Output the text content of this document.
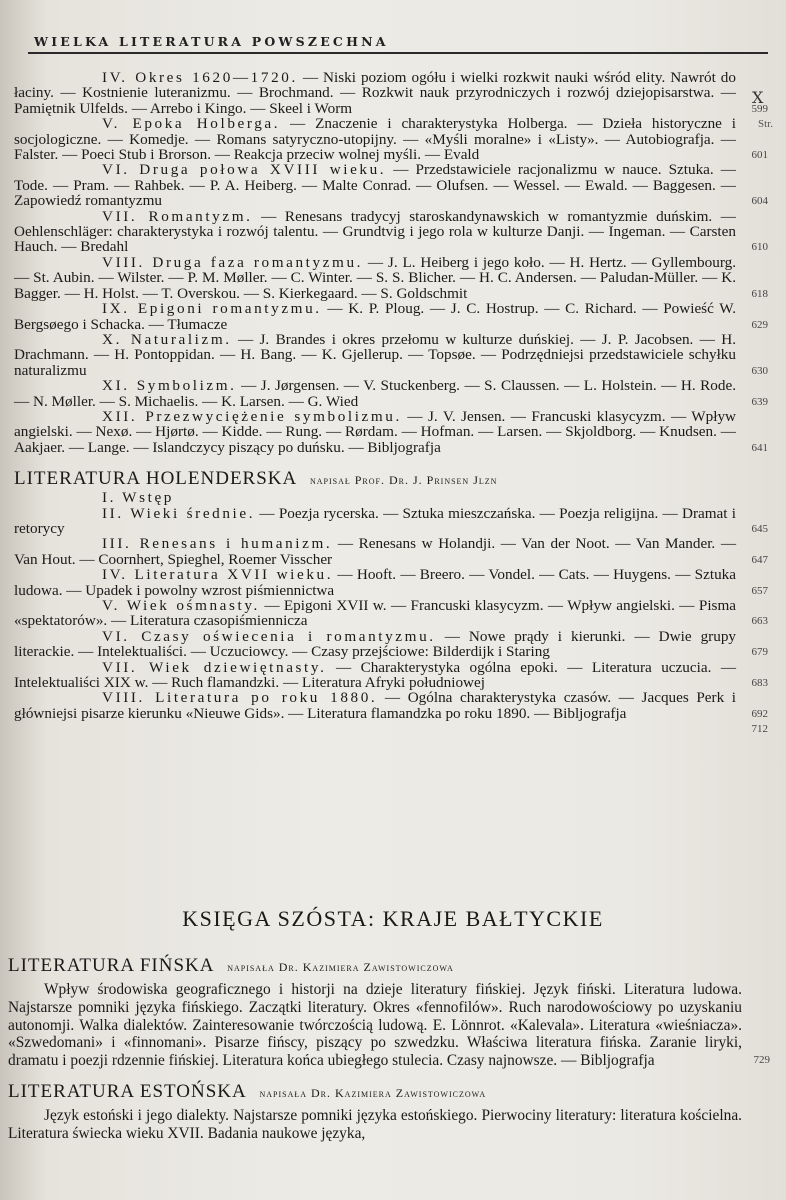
WIELKA LITERATURA POWSZECHNA
X
Str.
IV. Okres 1620—1720. — Niski poziom ogółu i wielki rozkwit nauki wśród elity. Nawrót do łaciny. — Kostnienie luteranizmu. — Brochmand. — Rozkwit nauk przyrodniczych i rozwój dziejopisarstwa. — Pamiętnik Ulfelds. — Arrebo i Kingo. — Skeel i Worm	599
V. Epoka Holberga. — Znaczenie i charakterystyka Holberga. — Dzieła historyczne i socjologiczne. — Komedje. — Romans satyryczno-utopijny. — «Myśli moralne» i «Listy». — Autobiografja. — Falster. — Poeci Stub i Brorson. — Reakcja przeciw wolnej myśli. — Evald	601
VI. Druga połowa XVIII wieku. — Przedstawiciele racjonalizmu w nauce. Sztuka. — Tode. — Pram. — Rahbek. — P. A. Heiberg. — Malte Conrad. — Olufsen. — Wessel. — Ewald. — Baggesen. — Zapowiedź romantyzmu	604
VII. Romantyzm. — Renesans tradycyj staroskandynawskich w romantyzmie duńskim. — Oehlenschläger: charakterystyka i rozwój talentu. — Grundtvig i jego rola w kulturze Danji. — Ingeman. — Carsten Hauch. — Bredahl	610
VIII. Druga faza romantyzmu. — J. L. Heiberg i jego koło. — H. Hertz. — Gyllembourg. — St. Aubin. — Wilster. — P. M. Møller. — C. Winter. — S. S. Blicher. — H. C. Andersen. — Paludan-Müller. — K. Bagger. — H. Holst. — T. Overskou. — S. Kierkegaard. — S. Goldschmit	618
IX. Epigoni romantyzmu. — K. P. Ploug. — J. C. Hostrup. — C. Richard. — Powieść W. Bergsøego i Schacka. — Tłumacze	629
X. Naturalizm. — J. Brandes i okres przełomu w kulturze duńskiej. — J. P. Jacobsen. — H. Drachmann. — H. Pontoppidan. — H. Bang. — K. Gjellerup. — Topsøe. — Podrzędniejsi przedstawiciele schyłku naturalizmu	630
XI. Symbolizm. — J. Jørgensen. — V. Stuckenberg. — S. Claussen. — L. Holstein. — H. Rode. — N. Møller. — S. Michaelis. — K. Larsen. — G. Wied	639
XII. Przezwyciężenie symbolizmu. — J. V. Jensen. — Francuski klasycyzm. — Wpływ angielski. — Nexø. — Hjørtø. — Kidde. — Rung. — Rørdam. — Hofman. — Larsen. — Skjoldborg. — Knudsen. — Aakjaer. — Lange. — Islandczycy piszący po duńsku. — Bibljografja	641
LITERATURA HOLENDERSKA napisał Prof. Dr. J. Prinsen Jlzn
I. Wstęp
II. Wieki średnie. — Poezja rycerska. — Sztuka mieszczańska. — Poezja religijna. — Dramat i retorycy	645
III. Renesans i humanizm. — Renesans w Holandji. — Van der Noot. — Van Mander. — Van Hout. — Coornhert, Spieghel, Roemer Visscher	647
IV. Literatura XVII wieku. — Hooft. — Breero. — Vondel. — Cats. — Huygens. — Sztuka ludowa. — Upadek i powolny wzrost piśmiennictwa	657
V. Wiek ośmnasty. — Epigoni XVII w. — Francuski klasycyzm. — Wpływ angielski. — Pisma «spektatorów». — Literatura czasopiśmiennicza	663
VI. Czasy oświecenia i romantyzmu. — Nowe prądy i kierunki. — Dwie grupy literackie. — Intelektualiści. — Uczuciowcy. — Czasy przejściowe: Bilderdijk i Staring	679
VII. Wiek dziewiętnasty. — Charakterystyka ogólna epoki. — Literatura uczucia. — Intelektualiści XIX w. — Ruch flamandzki. — Literatura Afryki południowej	683
VIII. Literatura po roku 1880. — Ogólna charakterystyka czasów. — Jacques Perk i główniejsi pisarze kierunku «Nieuwe Gids». — Literatura flamandzka po roku 1890. — Bibljografja	692
712

KSIĘGA SZÓSTA: KRAJE BAŁTYCKIE
LITERATURA FIŃSKA napisała Dr. Kazimiera Zawistowiczowa
Wpływ środowiska geograficznego i historji na dzieje literatury fińskiej. Język fiński. Literatura ludowa. Najstarsze pomniki języka fińskiego. Zaczątki literatury. Okres «fennofilów». Ruch narodowościowy po uzyskaniu autonomji. Walka dialektów. Zainteresowanie twórczością ludową. E. Lönnrot. «Kalevala». Literatura «wieśniacza». «Szwedomani» i «finnomani». Pisarze fińscy, piszący po szwedzku. Właściwa literatura fińska. Zaranie liryki, dramatu i poezji rdzennie fińskiej. Literatura końca ubiegłego stulecia. Czasy najnowsze. — Bibljografja	729
LITERATURA ESTOŃSKA napisała Dr. Kazimiera Zawistowiczowa
Język estoński i jego dialekty. Najstarsze pomniki języka estońskiego. Pierwociny literatury: literatura kościelna. Literatura świecka wieku XVII. Badania naukowe języka,
